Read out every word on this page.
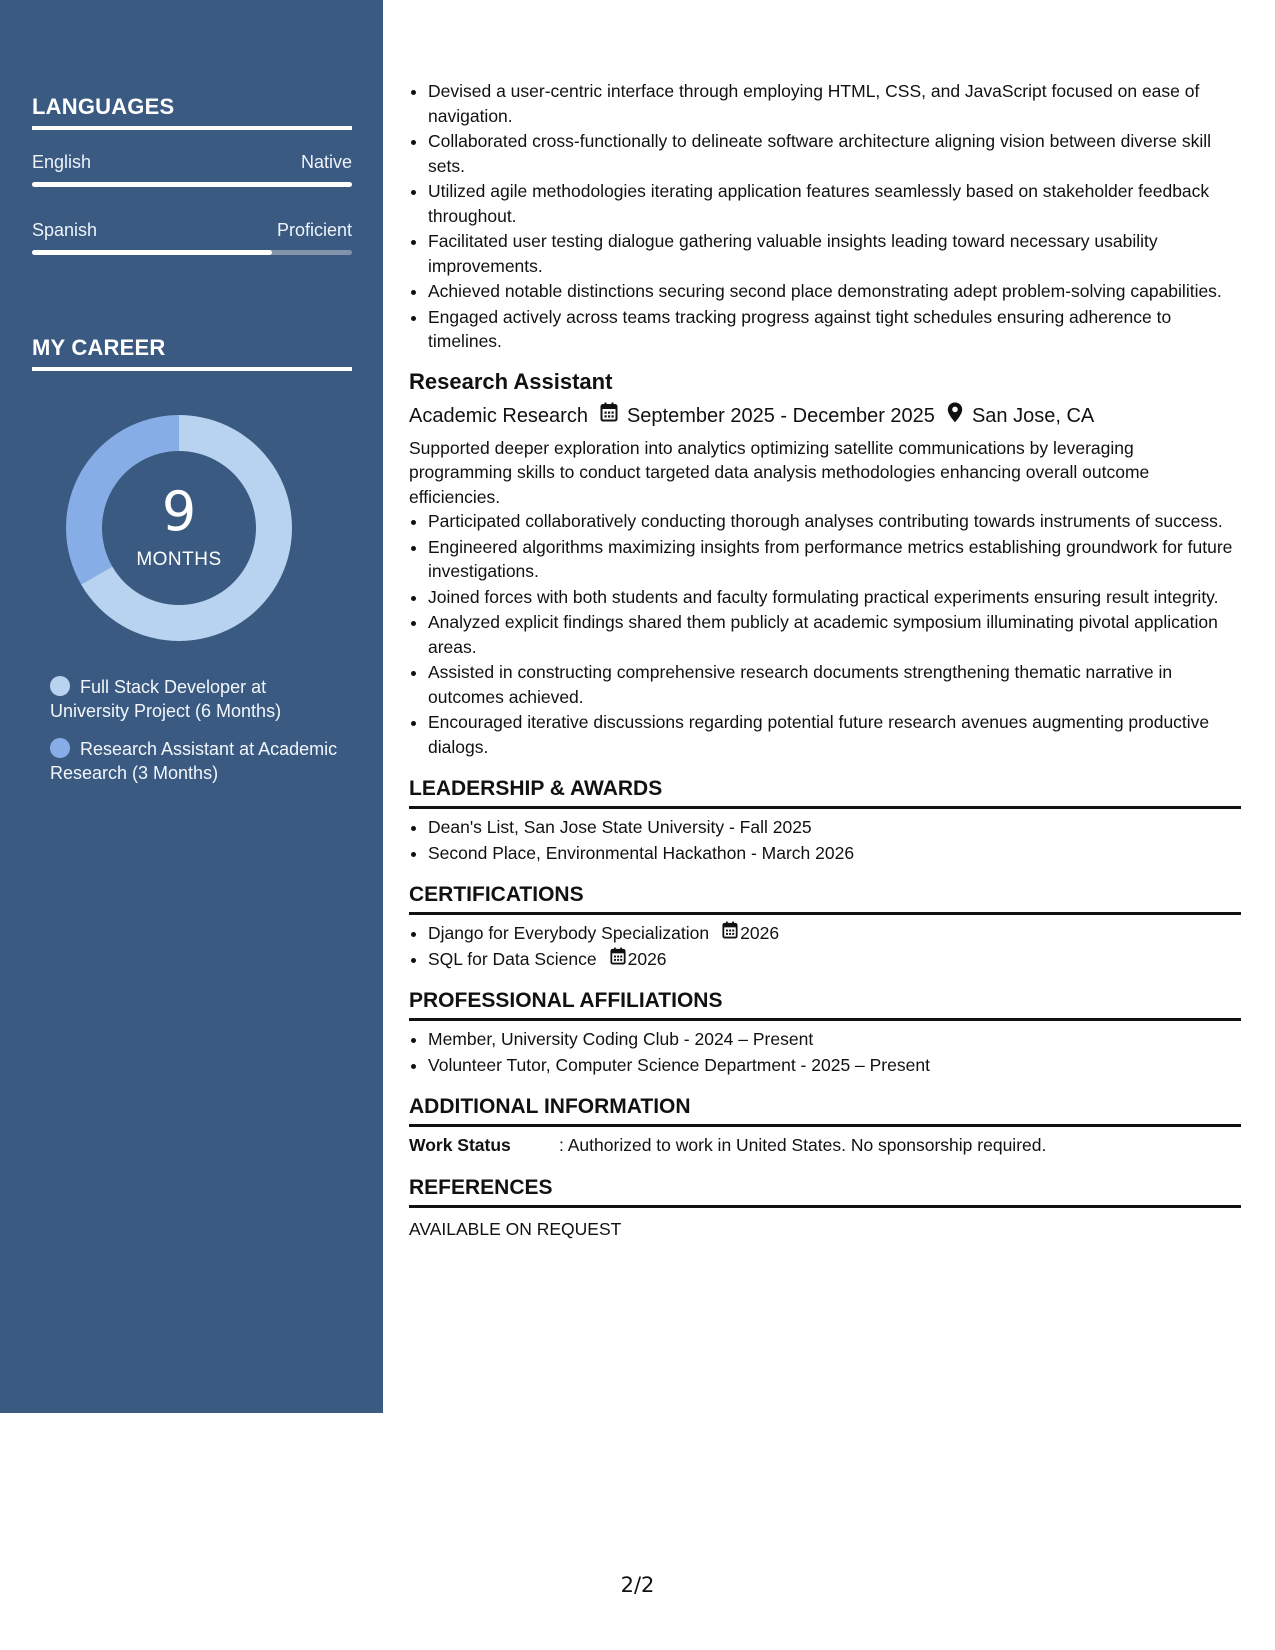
LANGUAGES
English	Native
Spanish	Proficient
MY CAREER
9
MONTHS
Full Stack Developer at University Project (6 Months)
Research Assistant at Academic Research (3 Months)
• Devised a user-centric interface through employing HTML, CSS, and JavaScript focused on ease of navigation.
• Collaborated cross-functionally to delineate software architecture aligning vision between diverse skill sets.
• Utilized agile methodologies iterating application features seamlessly based on stakeholder feedback throughout.
• Facilitated user testing dialogue gathering valuable insights leading toward necessary usability improvements.
• Achieved notable distinctions securing second place demonstrating adept problem-solving capabilities.
• Engaged actively across teams tracking progress against tight schedules ensuring adherence to timelines.
Research Assistant
Academic Research September 2025 - December 2025 San Jose, CA
Supported deeper exploration into analytics optimizing satellite communications by leveraging programming skills to conduct targeted data analysis methodologies enhancing overall outcome efficiencies.
• Participated collaboratively conducting thorough analyses contributing towards instruments of success.
• Engineered algorithms maximizing insights from performance metrics establishing groundwork for future investigations.
• Joined forces with both students and faculty formulating practical experiments ensuring result integrity.
• Analyzed explicit findings shared them publicly at academic symposium illuminating pivotal application areas.
• Assisted in constructing comprehensive research documents strengthening thematic narrative in outcomes achieved.
• Encouraged iterative discussions regarding potential future research avenues augmenting productive dialogs.
LEADERSHIP & AWARDS
• Dean's List, San Jose State University - Fall 2025
• Second Place, Environmental Hackathon - March 2026
CERTIFICATIONS
• Django for Everybody Specialization 2026
• SQL for Data Science 2026
PROFESSIONAL AFFILIATIONS
• Member, University Coding Club - 2024 – Present
• Volunteer Tutor, Computer Science Department - 2025 – Present
ADDITIONAL INFORMATION
Work Status	: Authorized to work in United States. No sponsorship required.
REFERENCES
AVAILABLE ON REQUEST
2/2
